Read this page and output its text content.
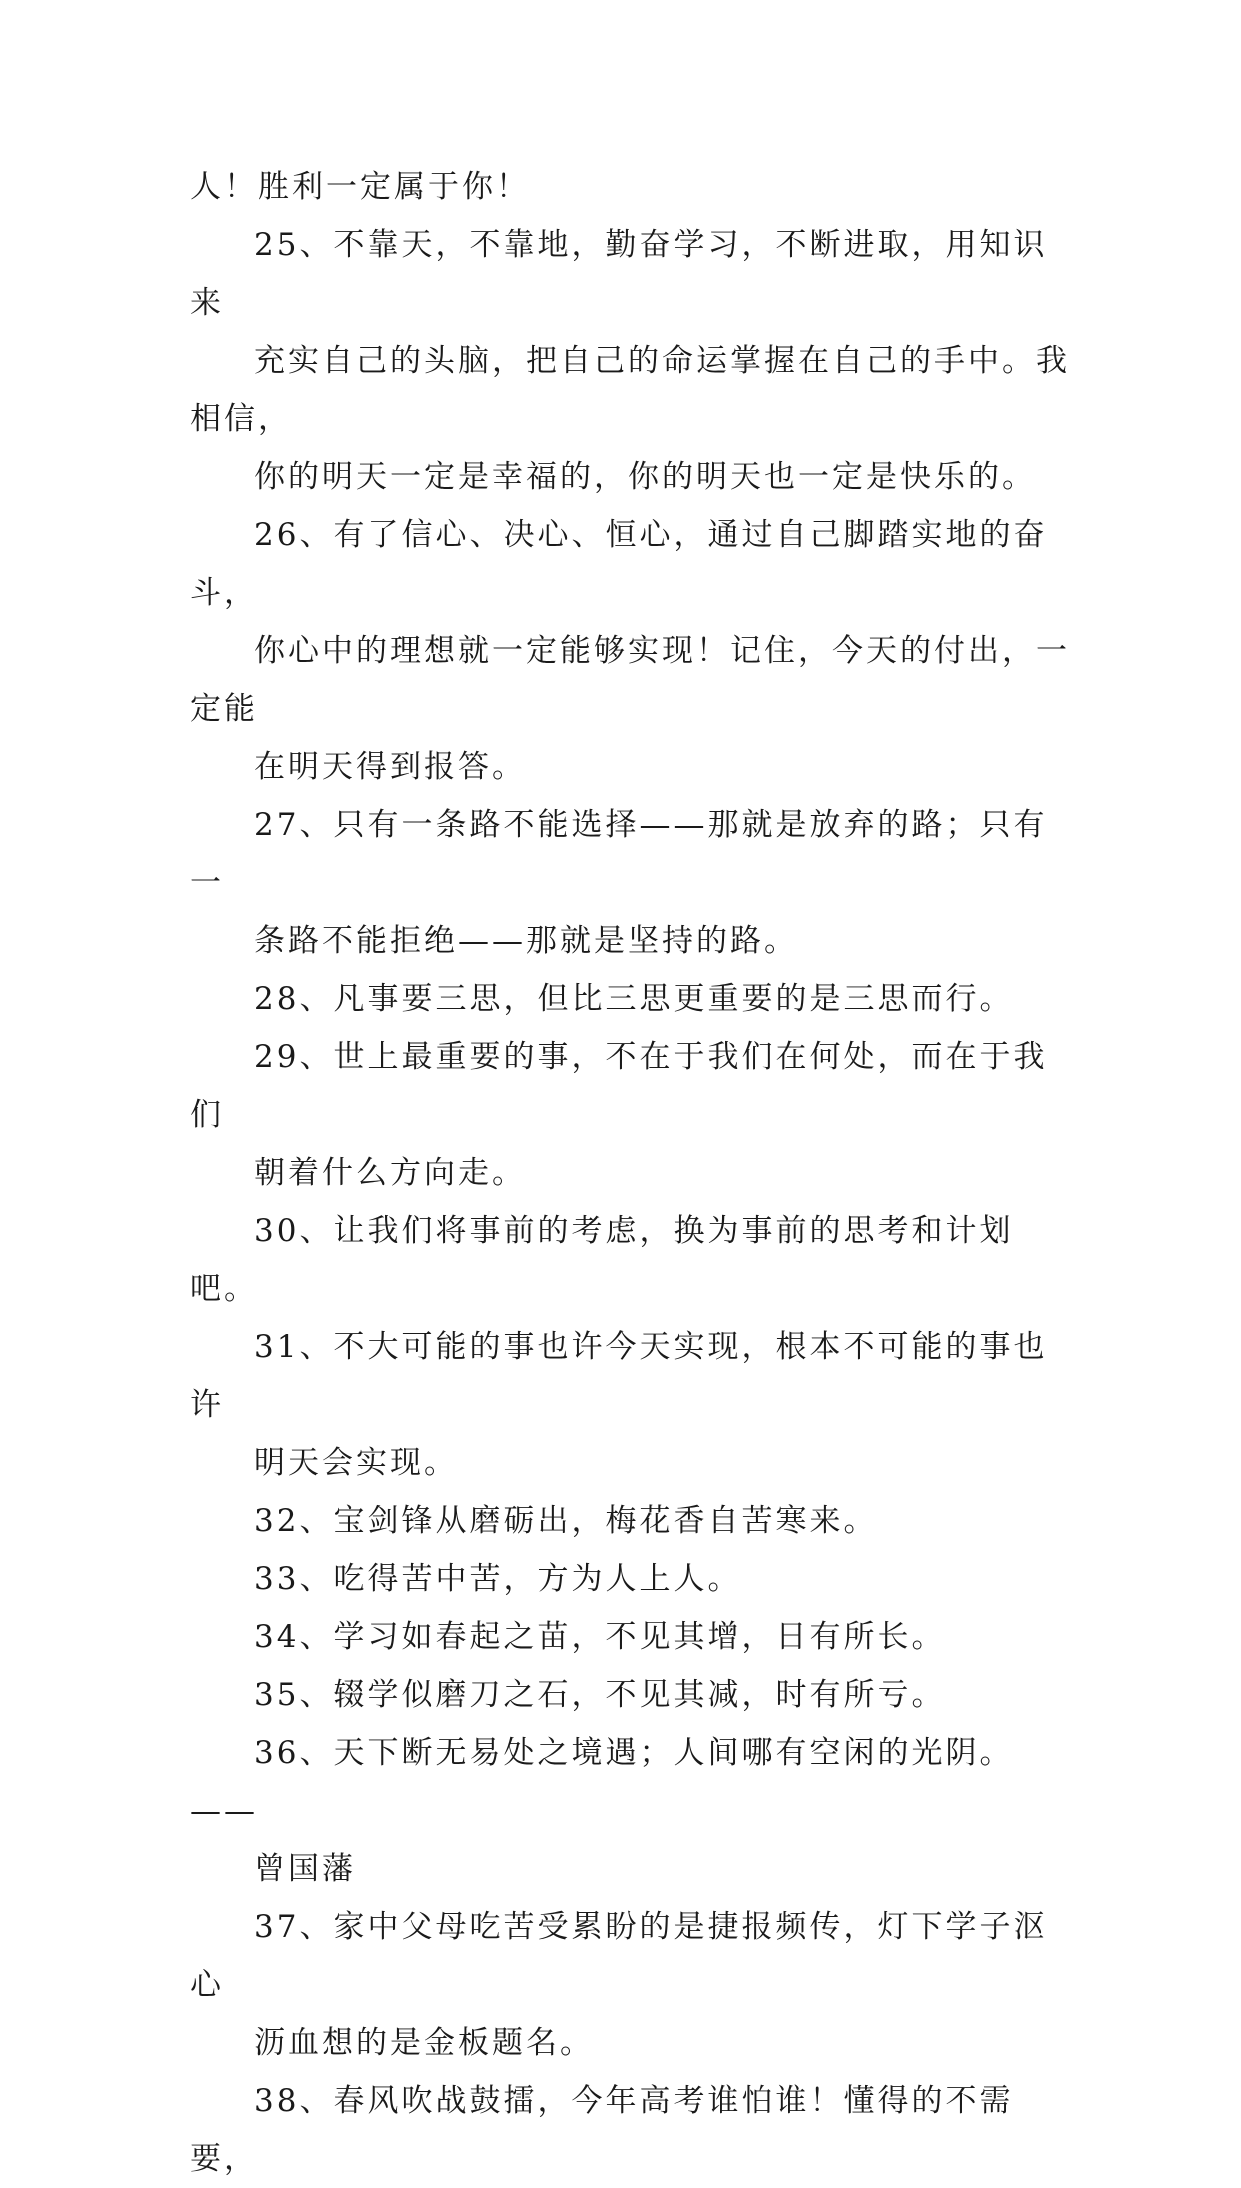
人！胜利一定属于你！

25、不靠天，不靠地，勤奋学习，不断进取，用知识来
充实自己的头脑，把自己的命运掌握在自己的手中。我相信，
你的明天一定是幸福的，你的明天也一定是快乐的。

26、有了信心、决心、恒心，通过自己脚踏实地的奋斗，
你心中的理想就一定能够实现！记住，今天的付出，一定能
在明天得到报答。

27、只有一条路不能选择——那就是放弃的路；只有一
条路不能拒绝——那就是坚持的路。

28、凡事要三思，但比三思更重要的是三思而行。

29、世上最重要的事，不在于我们在何处，而在于我们
朝着什么方向走。

30、让我们将事前的考虑，换为事前的思考和计划吧。

31、不大可能的事也许今天实现，根本不可能的事也许
明天会实现。

32、宝剑锋从磨砺出，梅花香自苦寒来。

33、吃得苦中苦，方为人上人。

34、学习如春起之苗，不见其增，日有所长。

35、辍学似磨刀之石，不见其减，时有所亏。

36、天下断无易处之境遇；人间哪有空闲的光阴。——
曾国藩

37、家中父母吃苦受累盼的是捷报频传，灯下学子沤心
沥血想的是金板题名。

38、春风吹战鼓擂，今年高考谁怕谁！懂得的不需要，
